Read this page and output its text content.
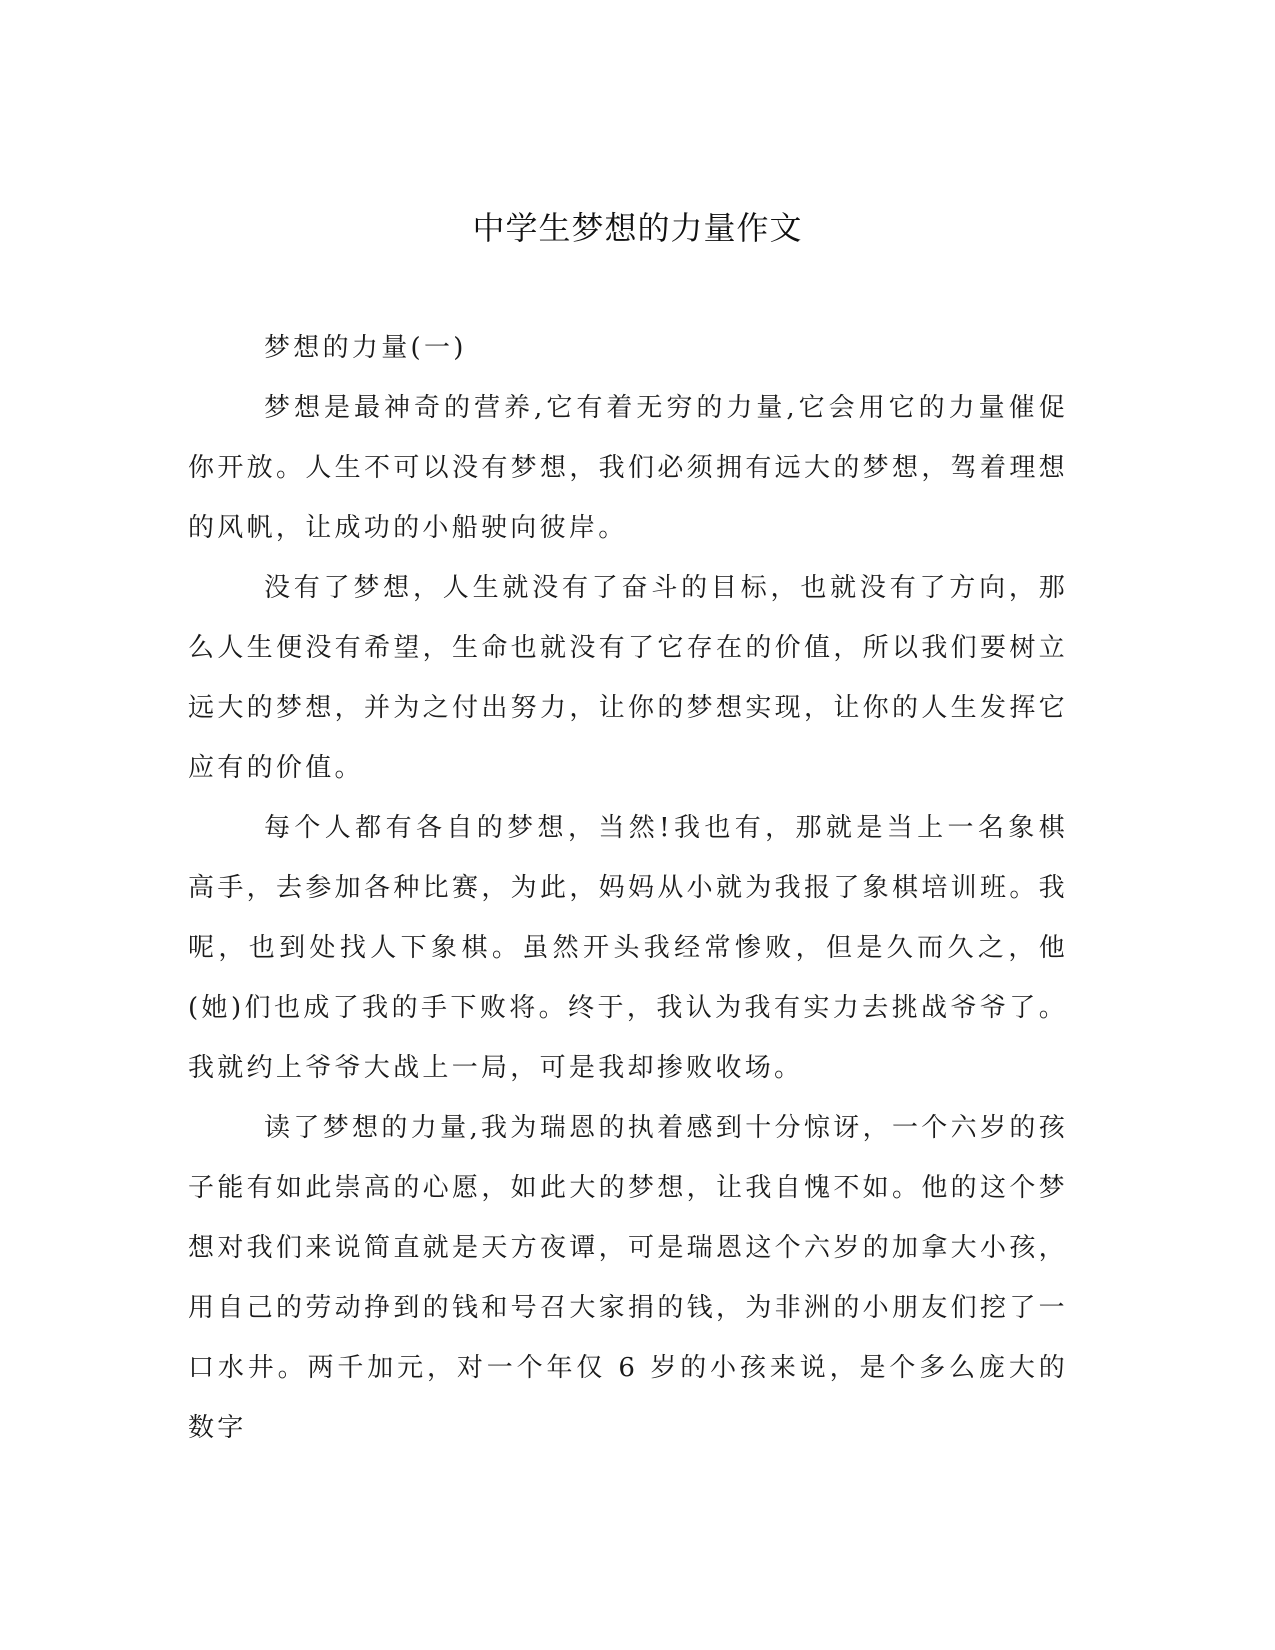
中学生梦想的力量作文
梦想的力量(一)

梦想是最神奇的营养,它有着无穷的力量,它会用它的力量催促你开放。人生不可以没有梦想，我们必须拥有远大的梦想，驾着理想的风帆，让成功的小船驶向彼岸。

没有了梦想，人生就没有了奋斗的目标，也就没有了方向，那么人生便没有希望，生命也就没有了它存在的价值，所以我们要树立远大的梦想，并为之付出努力，让你的梦想实现，让你的人生发挥它应有的价值。

每个人都有各自的梦想，当然!我也有，那就是当上一名象棋高手，去参加各种比赛，为此，妈妈从小就为我报了象棋培训班。我呢，也到处找人下象棋。虽然开头我经常惨败，但是久而久之，他(她)们也成了我的手下败将。终于，我认为我有实力去挑战爷爷了。我就约上爷爷大战上一局，可是我却掺败收场。

读了梦想的力量,我为瑞恩的执着感到十分惊讶，一个六岁的孩子能有如此崇高的心愿，如此大的梦想，让我自愧不如。他的这个梦想对我们来说简直就是天方夜谭，可是瑞恩这个六岁的加拿大小孩，用自己的劳动挣到的钱和号召大家捐的钱，为非洲的小朋友们挖了一口水井。两千加元，对一个年仅 6 岁的小孩来说，是个多么庞大的数字
